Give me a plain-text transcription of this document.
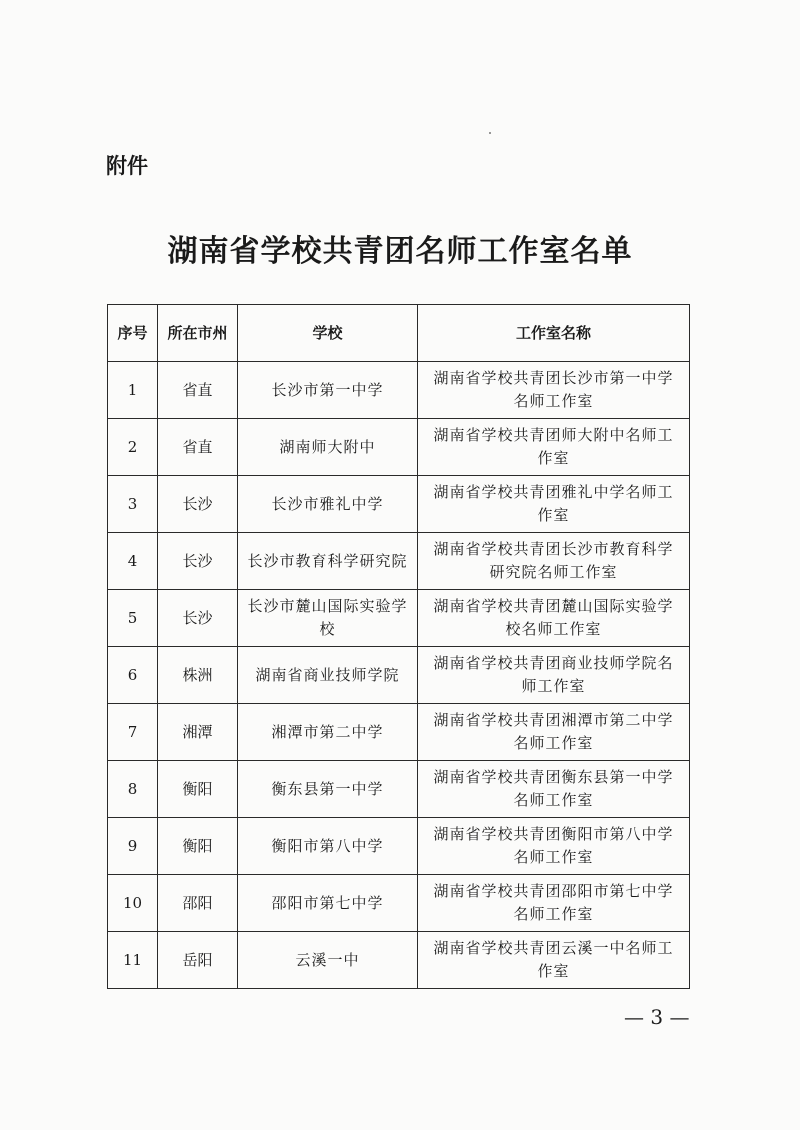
附件
湖南省学校共青团名师工作室名单
序号	所在市州	学校	工作室名称
1	省直	长沙市第一中学	湖南省学校共青团长沙市第一中学名师工作室
2	省直	湖南师大附中	湖南省学校共青团师大附中名师工作室
3	长沙	长沙市雅礼中学	湖南省学校共青团雅礼中学名师工作室
4	长沙	长沙市教育科学研究院	湖南省学校共青团长沙市教育科学研究院名师工作室
5	长沙	长沙市麓山国际实验学校	湖南省学校共青团麓山国际实验学校名师工作室
6	株洲	湖南省商业技师学院	湖南省学校共青团商业技师学院名师工作室
7	湘潭	湘潭市第二中学	湖南省学校共青团湘潭市第二中学名师工作室
8	衡阳	衡东县第一中学	湖南省学校共青团衡东县第一中学名师工作室
9	衡阳	衡阳市第八中学	湖南省学校共青团衡阳市第八中学名师工作室
10	邵阳	邵阳市第七中学	湖南省学校共青团邵阳市第七中学名师工作室
11	岳阳	云溪一中	湖南省学校共青团云溪一中名师工作室
— 3 —
